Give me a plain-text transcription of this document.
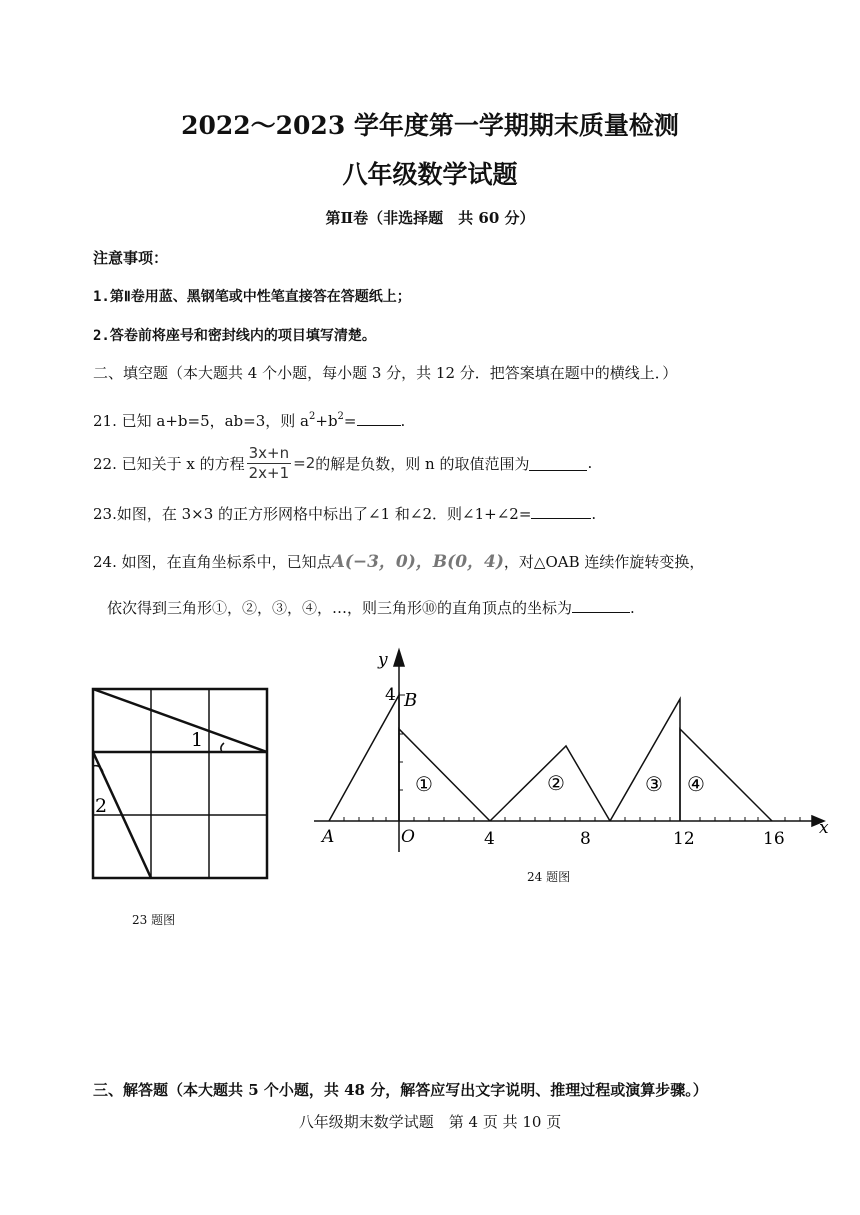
2022～2023 学年度第一学期期末质量检测
八年级数学试题
第Ⅱ卷（非选择题　共 60 分）
注意事项：
1.第Ⅱ卷用蓝、黑钢笔或中性笔直接答在答题纸上；
2.答卷前将座号和密封线内的项目填写清楚。
二、填空题（本大题共 4 个小题，每小题 3 分，共 12 分．把答案填在题中的横线上．）
21. 已知 a+b=5，ab=3，则 $a^2+b^2=$	.
22. 已知关于 x 的方程 $\frac{3x+n}{2x+1} =2$ 的解是负数，则 n 的取值范围为	.
23.如图，在 3×3 的正方形网格中标出了∠1 和∠2．则∠1+∠2=	.
24. 如图，在直角坐标系中，已知点A(−3，0)，B(0，4)，对△OAB 连续作旋转变换，
依次得到三角形①，②，③，④，…，则三角形⑩的直角顶点的坐标为	.
1
2
23 题图
y
x
4 B
A	O	4	8	12	16
①	②	③ ④
24 题图
三、解答题（本大题共 5 个小题，共 48 分，解答应写出文字说明、推理过程或演算步骤。）
八年级期末数学试题　第 4 页 共 10 页
